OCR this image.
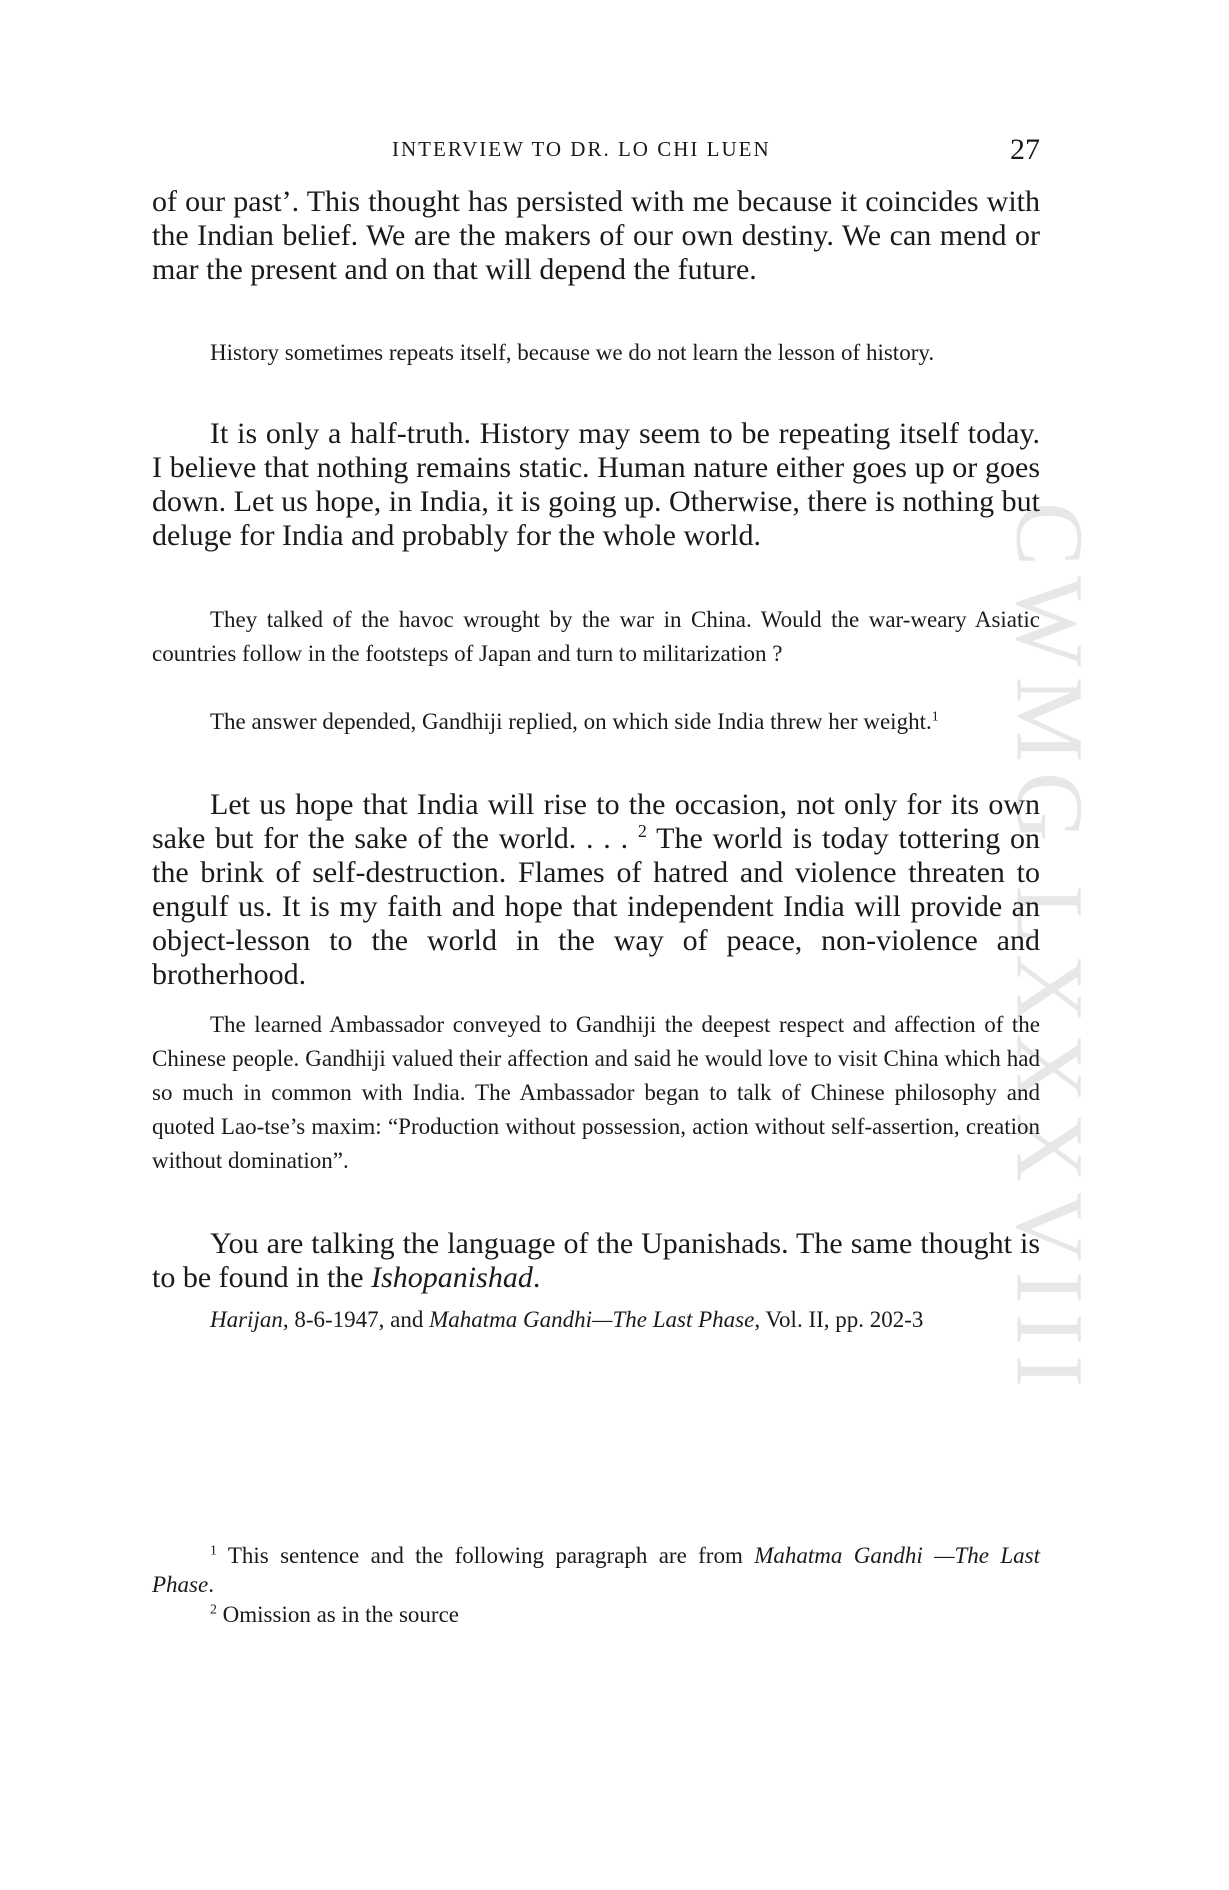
CWMG LXXXVIII
INTERVIEW TO DR. LO CHI LUEN	27

of our past’. This thought has persisted with me because it coincides with the Indian belief. We are the makers of our own destiny. We can mend or mar the present and on that will depend the future.

History sometimes repeats itself, because we do not learn the lesson of history.

It is only a half-truth. History may seem to be repeating itself today. I believe that nothing remains static. Human nature either goes up or goes down. Let us hope, in India, it is going up. Otherwise, there is nothing but deluge for India and probably for the whole world.

They talked of the havoc wrought by the war in China. Would the war-weary Asiatic countries follow in the footsteps of Japan and turn to militarization ?

The answer depended, Gandhiji replied, on which side India threw her weight.$^1$

Let us hope that India will rise to the occasion, not only for its own sake but for the sake of the world. . . . $^2$ The world is today tottering on the brink of self-destruction. Flames of hatred and violence threaten to engulf us. It is my faith and hope that independent India will provide an object-lesson to the world in the way of peace, non-violence and brotherhood.

The learned Ambassador conveyed to Gandhiji the deepest respect and affection of the Chinese people. Gandhiji valued their affection and said he would love to visit China which had so much in common with India. The Ambassador began to talk of Chinese philosophy and quoted Lao-tse’s maxim: “Production without possession, action without self-assertion, creation without domination”.

You are talking the language of the Upanishads. The same thought is to be found in the Ishopanishad.

Harijan, 8-6-1947, and Mahatma Gandhi—The Last Phase, Vol. II, pp. 202-3

$^1$ This sentence and the following paragraph are from Mahatma Gandhi —The Last Phase.

$^2$ Omission as in the source
